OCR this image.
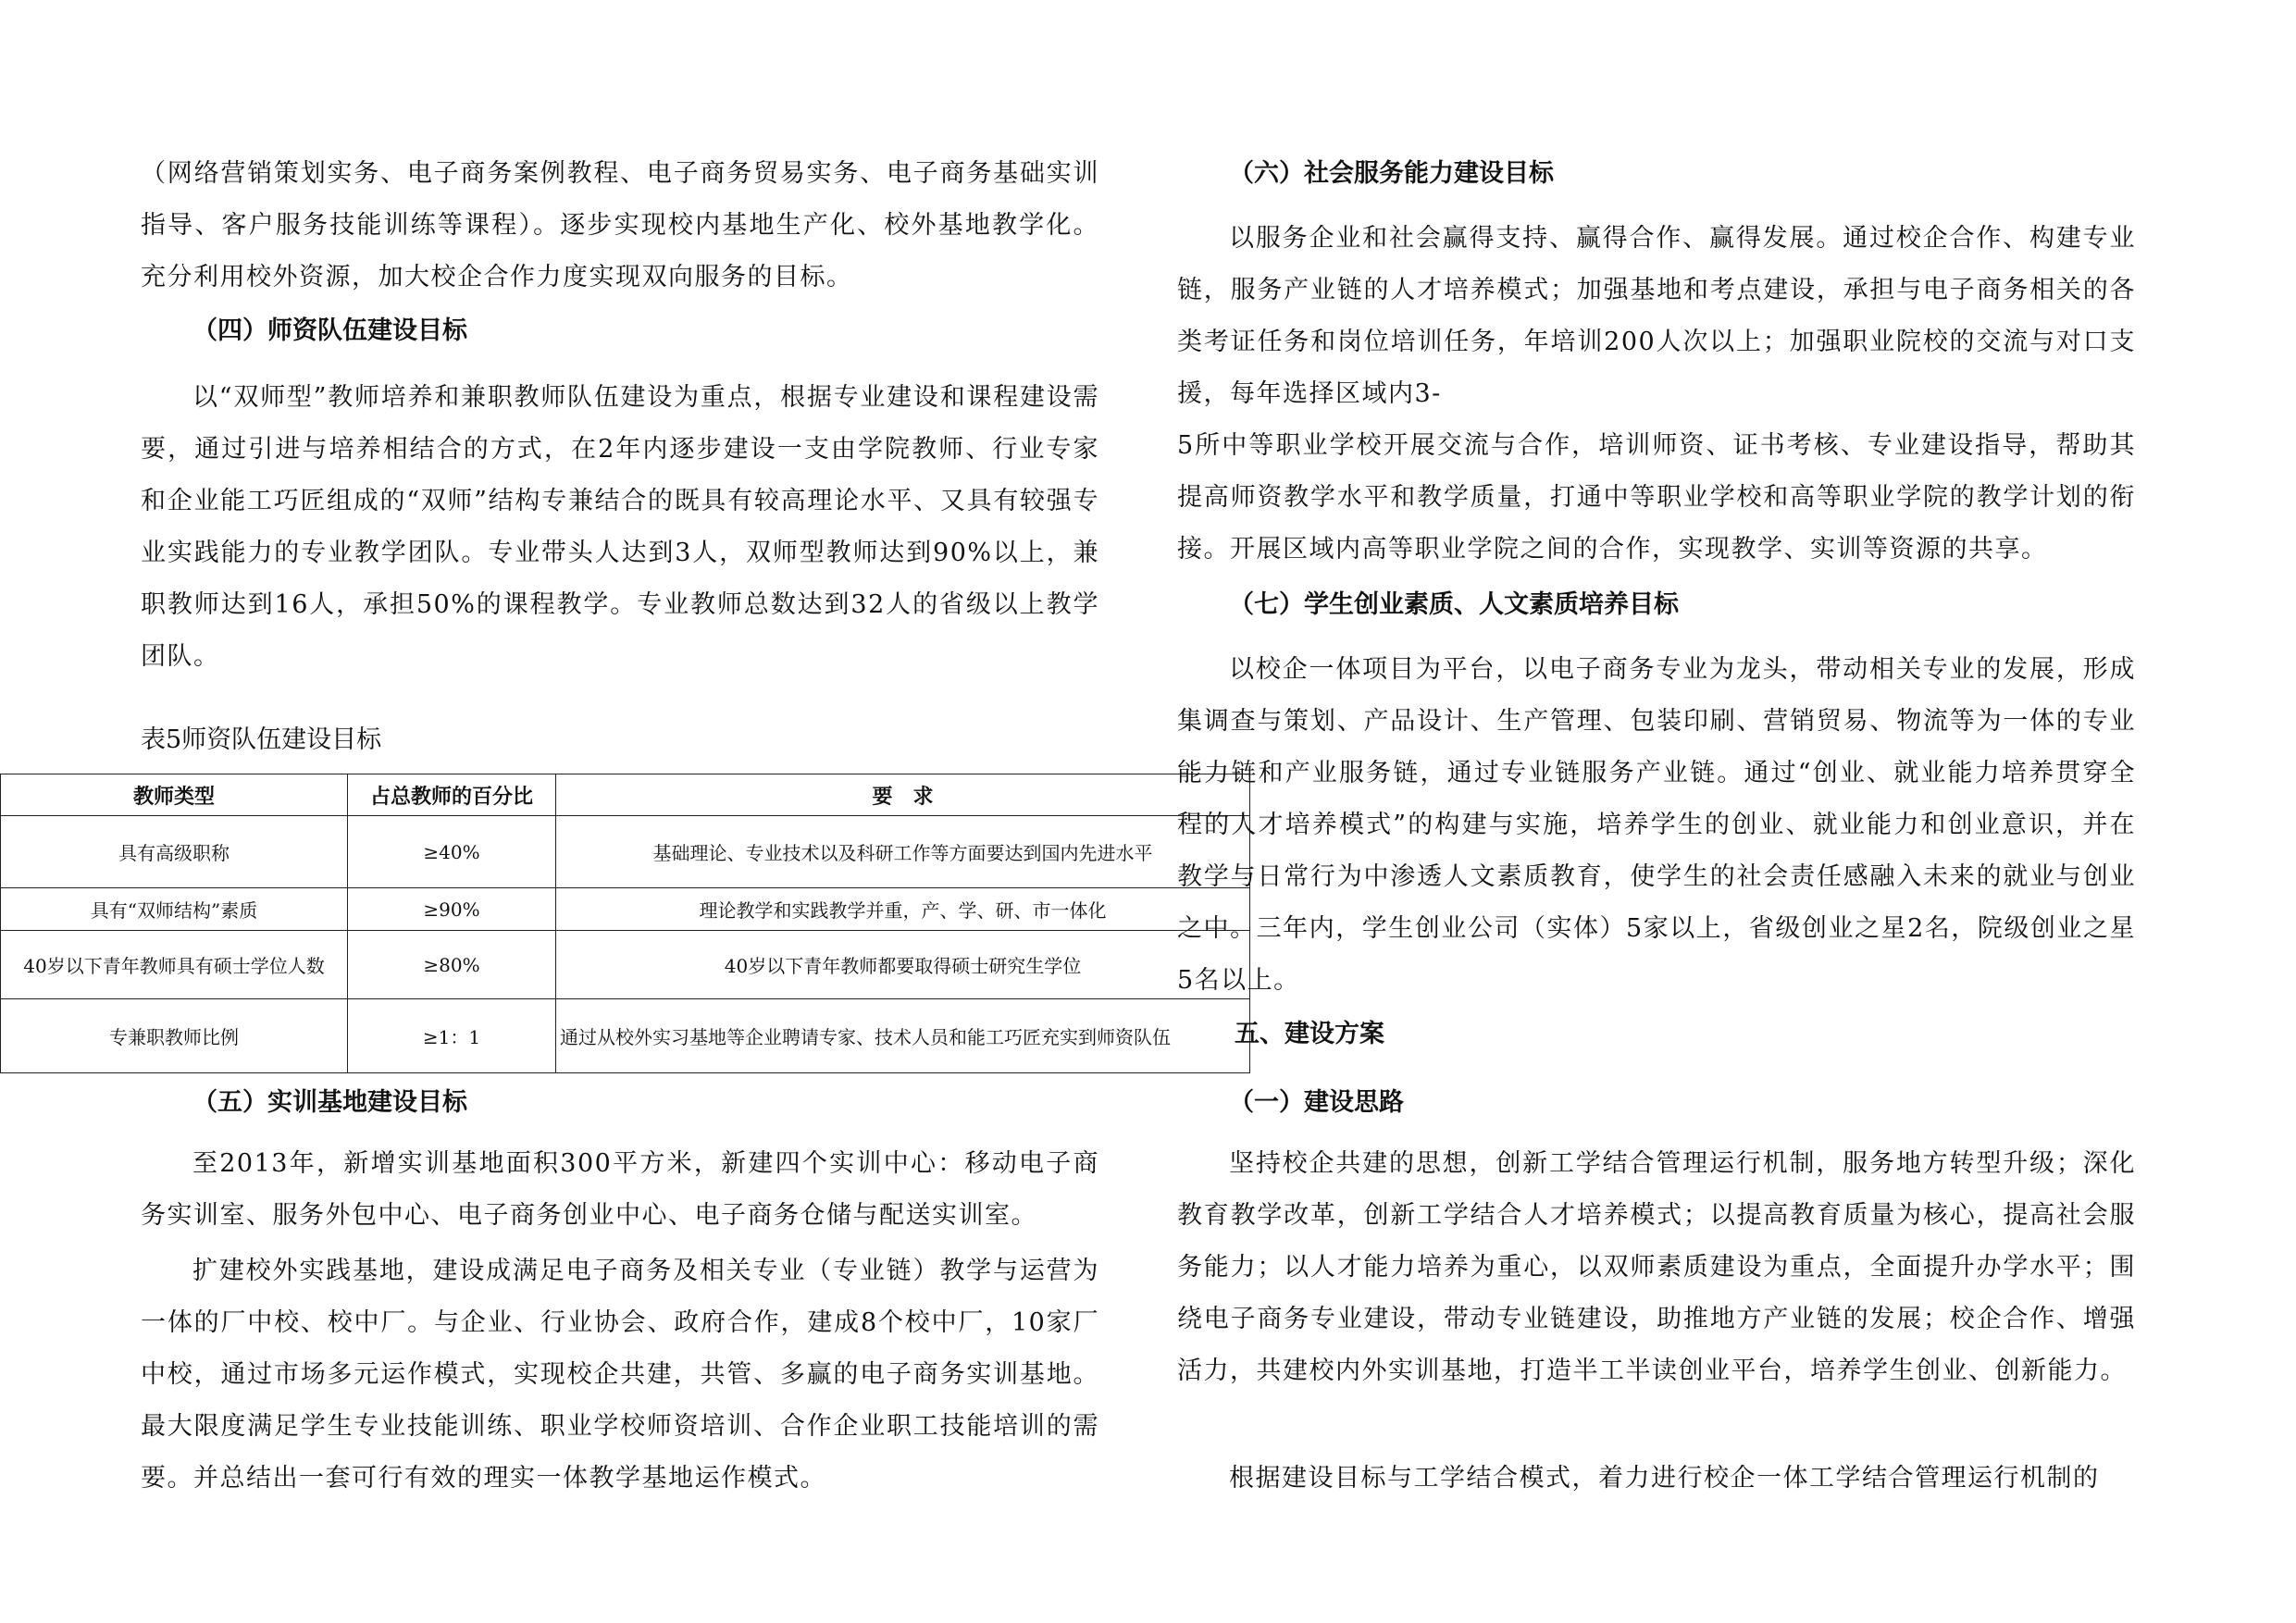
（网络营销策划实务、电子商务案例教程、电子商务贸易实务、电子商务基础实训指导、客户服务技能训练等课程）。逐步实现校内基地生产化、校外基地教学化。充分利用校外资源，加大校企合作力度实现双向服务的目标。

（四）师资队伍建设目标

以“双师型”教师培养和兼职教师队伍建设为重点，根据专业建设和课程建设需要，通过引进与培养相结合的方式，在2年内逐步建设一支由学院教师、行业专家和企业能工巧匠组成的“双师”结构专兼结合的既具有较高理论水平、又具有较强专业实践能力的专业教学团队。专业带头人达到3人，双师型教师达到90%以上，兼职教师达到16人，承担50%的课程教学。专业教师总数达到32人的省级以上教学团队。

表5师资队伍建设目标

教师类型	占总教师的百分比	要　求
具有高级职称	≥40%	基础理论、专业技术以及科研工作等方面要达到国内先进水平
具有“双师结构”素质	≥90%	理论教学和实践教学并重，产、学、研、市一体化
40岁以下青年教师具有硕士学位人数	≥80%	40岁以下青年教师都要取得硕士研究生学位
专兼职教师比例	≥1：1	通过从校外实习基地等企业聘请专家、技术人员和能工巧匠充实到师资队伍
（五）实训基地建设目标

至2013年，新增实训基地面积300平方米，新建四个实训中心：移动电子商务实训室、服务外包中心、电子商务创业中心、电子商务仓储与配送实训室。

扩建校外实践基地，建设成满足电子商务及相关专业（专业链）教学与运营为一体的厂中校、校中厂。与企业、行业协会、政府合作，建成8个校中厂，10家厂中校，通过市场多元运作模式，实现校企共建，共管、多赢的电子商务实训基地。最大限度满足学生专业技能训练、职业学校师资培训、合作企业职工技能培训的需要。并总结出一套可行有效的理实一体教学基地运作模式。

（六）社会服务能力建设目标

以服务企业和社会赢得支持、赢得合作、赢得发展。通过校企合作、构建专业链，服务产业链的人才培养模式；加强基地和考点建设，承担与电子商务相关的各类考证任务和岗位培训任务，年培训200人次以上；加强职业院校的交流与对口支援，每年选择区域内3-

5所中等职业学校开展交流与合作，培训师资、证书考核、专业建设指导，帮助其提高师资教学水平和教学质量，打通中等职业学校和高等职业学院的教学计划的衔接。开展区域内高等职业学院之间的合作，实现教学、实训等资源的共享。

（七）学生创业素质、人文素质培养目标

以校企一体项目为平台，以电子商务专业为龙头，带动相关专业的发展，形成集调查与策划、产品设计、生产管理、包装印刷、营销贸易、物流等为一体的专业能力链和产业服务链，通过专业链服务产业链。通过“创业、就业能力培养贯穿全程的人才培养模式”的构建与实施，培养学生的创业、就业能力和创业意识，并在教学与日常行为中渗透人文素质教育，使学生的社会责任感融入未来的就业与创业之中。三年内，学生创业公司（实体）5家以上，省级创业之星2名，院级创业之星5名以上。

五、建设方案
（一）建设思路

坚持校企共建的思想，创新工学结合管理运行机制，服务地方转型升级；深化教育教学改革，创新工学结合人才培养模式；以提高教育质量为核心，提高社会服务能力；以人才能力培养为重心，以双师素质建设为重点，全面提升办学水平；围绕电子商务专业建设，带动专业链建设，助推地方产业链的发展；校企合作、增强活力，共建校内外实训基地，打造半工半读创业平台，培养学生创业、创新能力。

根据建设目标与工学结合模式，着力进行校企一体工学结合管理运行机制的
